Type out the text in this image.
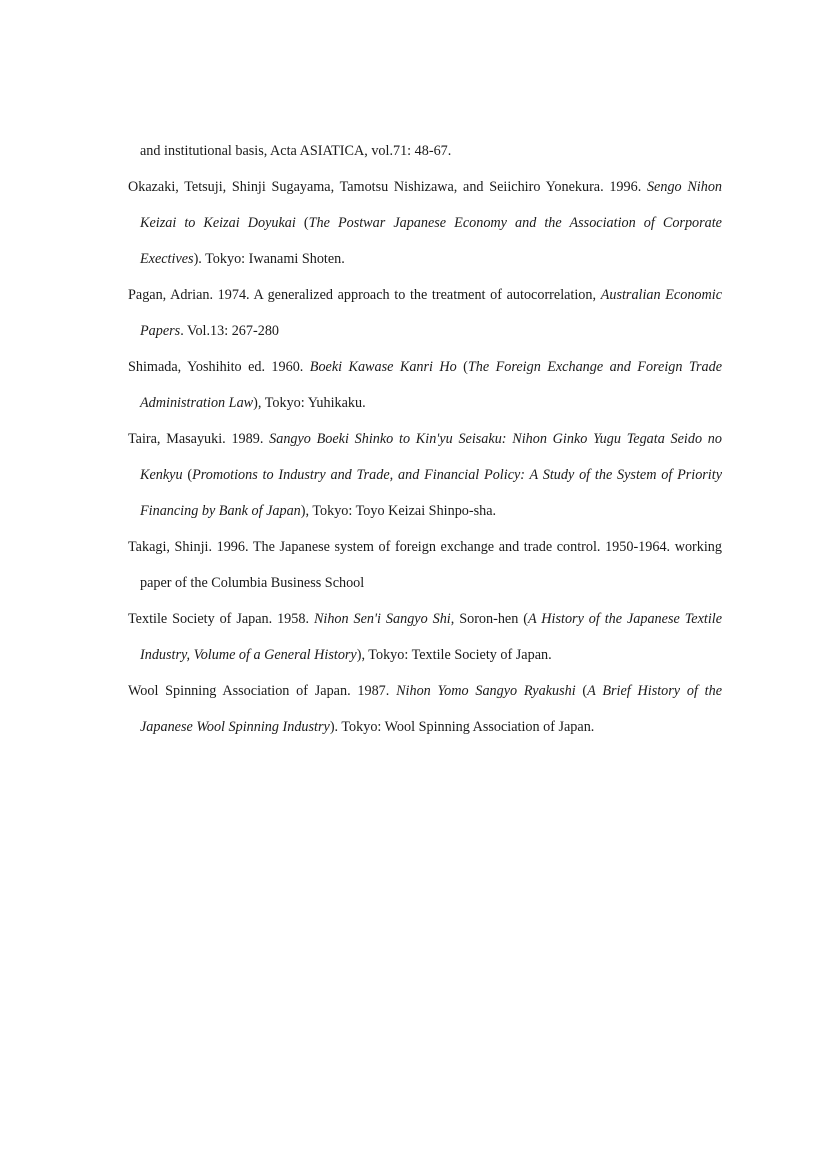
and institutional basis, Acta ASIATICA, vol.71: 48-67.

Okazaki, Tetsuji, Shinji Sugayama, Tamotsu Nishizawa, and Seiichiro Yonekura. 1996. Sengo Nihon Keizai to Keizai Doyukai (The Postwar Japanese Economy and the Association of Corporate Exectives). Tokyo: Iwanami Shoten.

Pagan, Adrian. 1974. A generalized approach to the treatment of autocorrelation, Australian Economic Papers. Vol.13: 267-280

Shimada, Yoshihito ed. 1960. Boeki Kawase Kanri Ho (The Foreign Exchange and Foreign Trade Administration Law), Tokyo: Yuhikaku.

Taira, Masayuki. 1989. Sangyo Boeki Shinko to Kin'yu Seisaku: Nihon Ginko Yugu Tegata Seido no Kenkyu (Promotions to Industry and Trade, and Financial Policy: A Study of the System of Priority Financing by Bank of Japan), Tokyo: Toyo Keizai Shinpo-sha.

Takagi, Shinji. 1996. The Japanese system of foreign exchange and trade control. 1950-1964. working paper of the Columbia Business School

Textile Society of Japan. 1958. Nihon Sen'i Sangyo Shi, Soron-hen (A History of the Japanese Textile Industry, Volume of a General History), Tokyo: Textile Society of Japan.

Wool Spinning Association of Japan. 1987. Nihon Yomo Sangyo Ryakushi (A Brief History of the Japanese Wool Spinning Industry). Tokyo: Wool Spinning Association of Japan.
